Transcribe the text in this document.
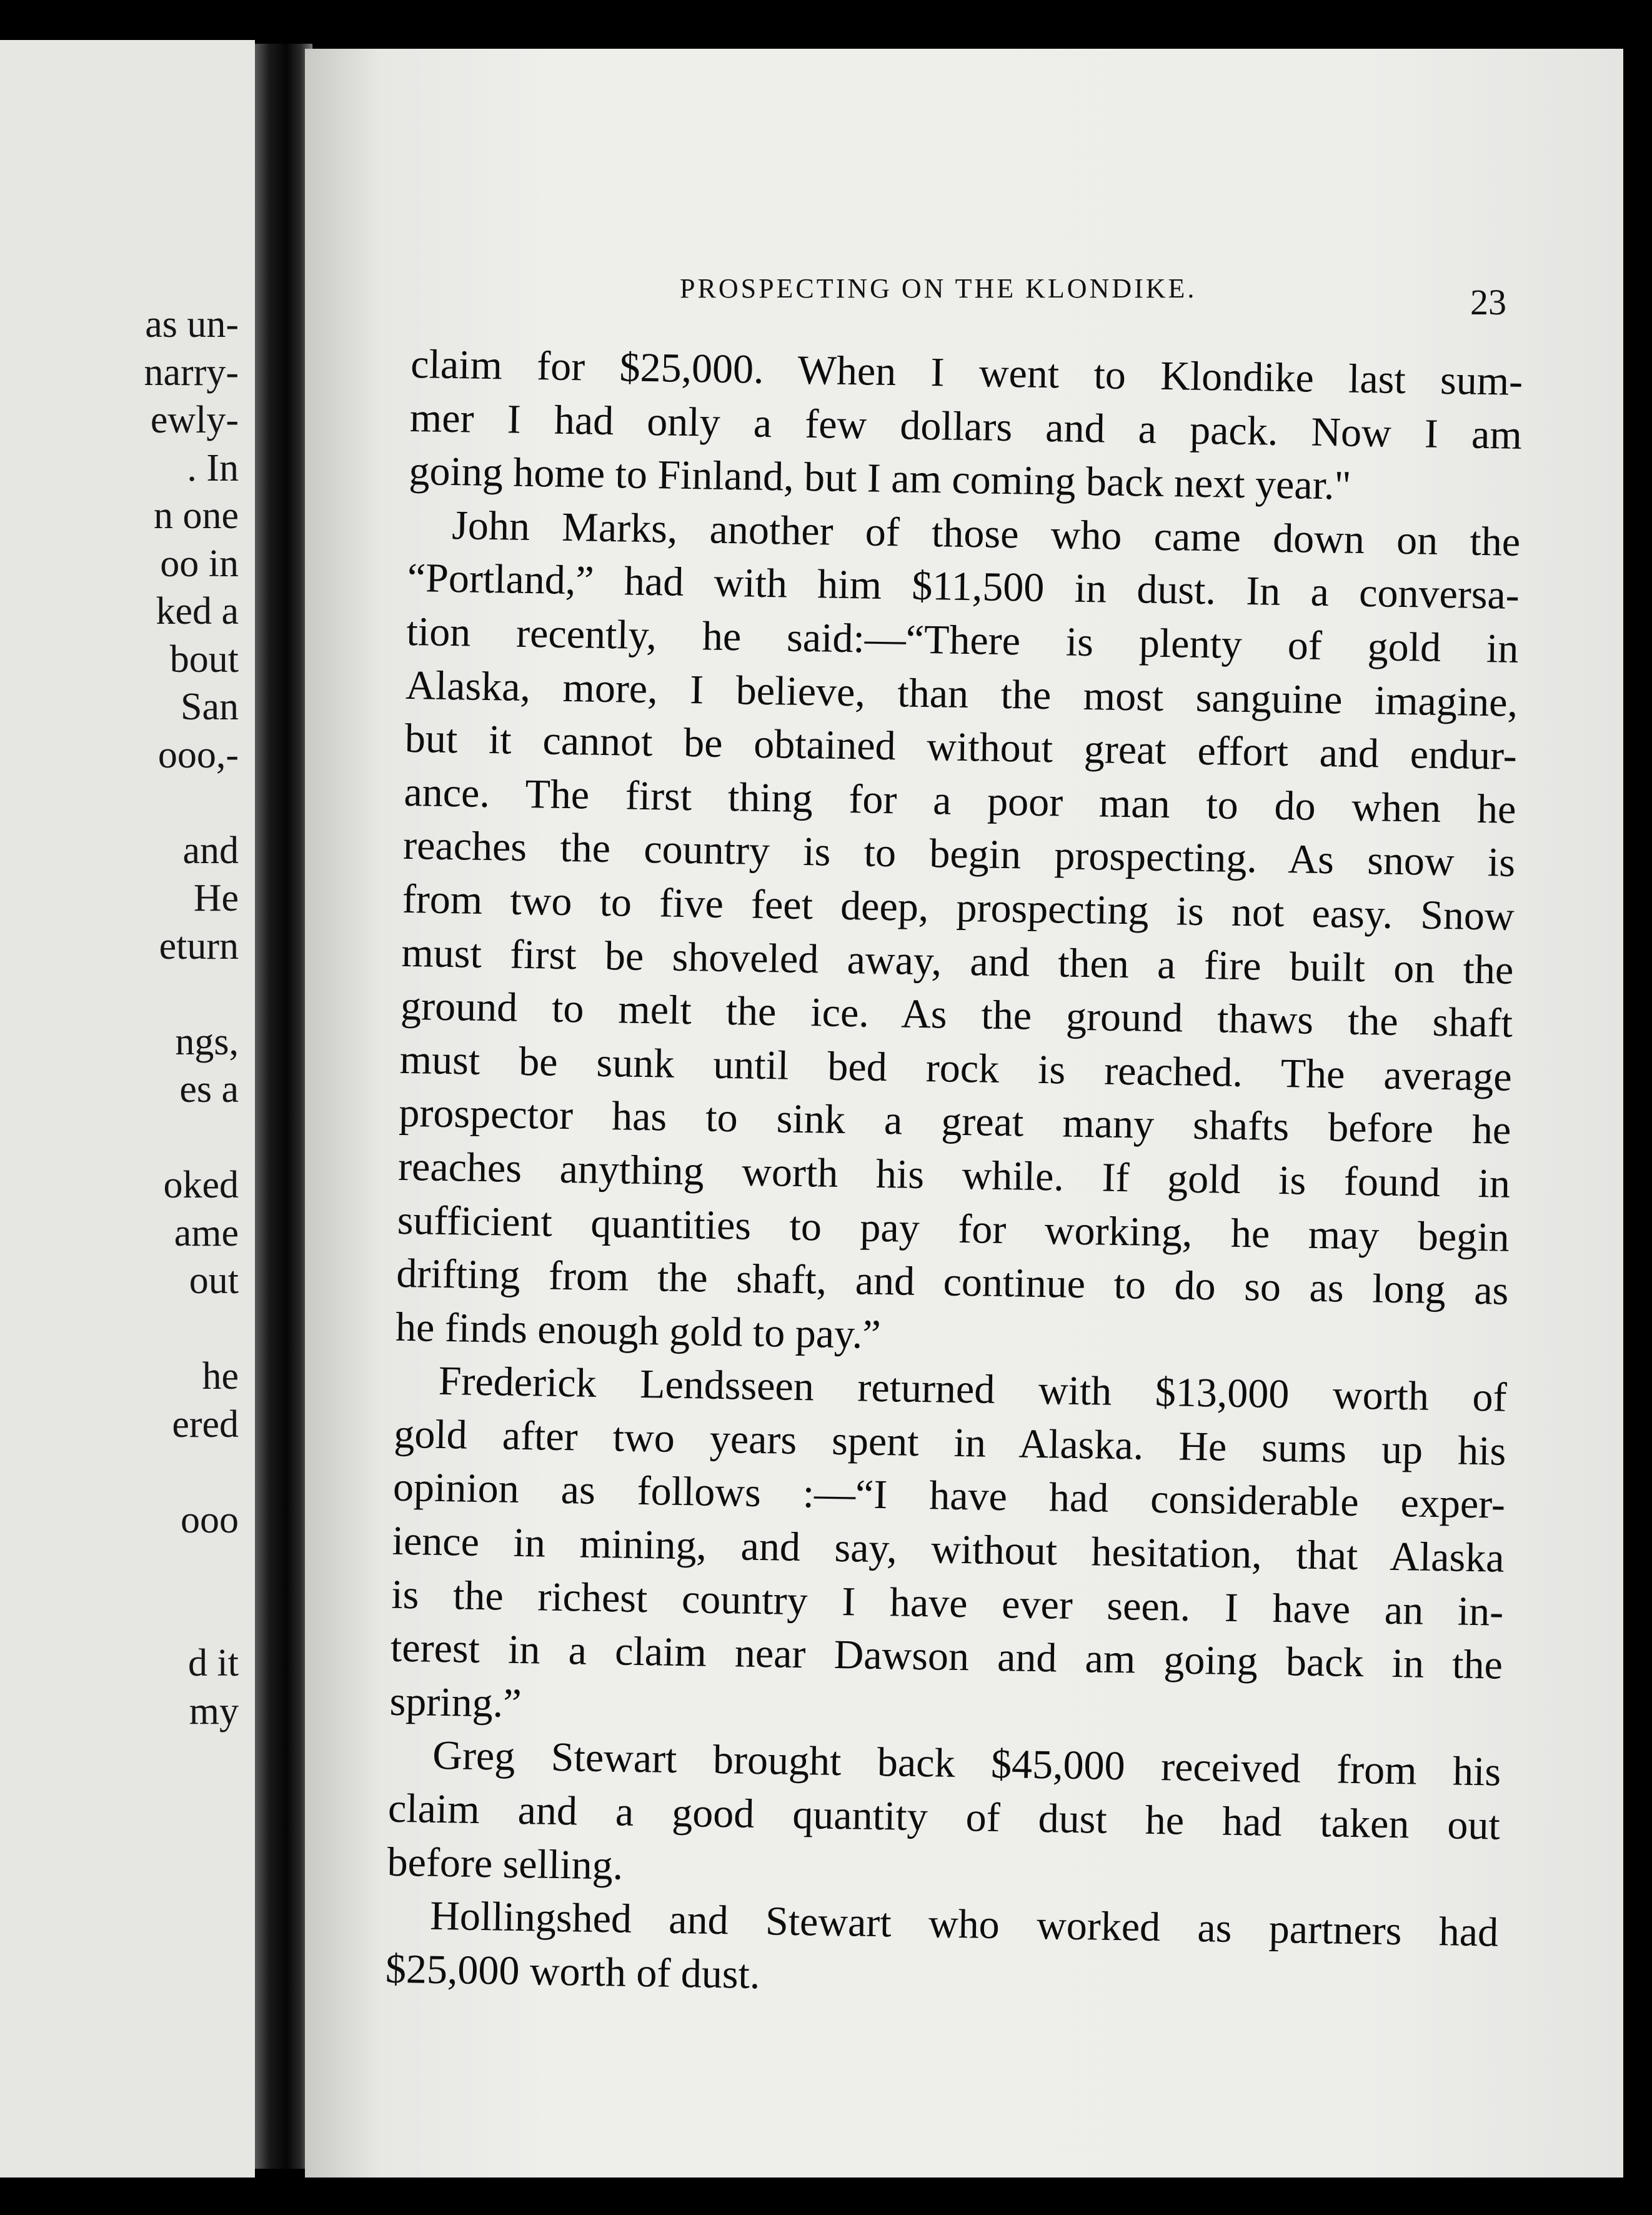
as un-
narry-
ewly-
. In
n one
oo in
ked a
bout
San
ooo,-
and
He
eturn
ngs,
es a
oked
ame
out
he
ered
ooo
d it
my
PROSPECTING ON THE KLONDIKE.	23
claim for $25,000. When I went to Klondike last sum-
mer I had only a few dollars and a pack. Now I am
going home to Finland, but I am coming back next year."
John Marks, another of those who came down on the
“Portland,” had with him $11,500 in dust. In a conversa-
tion recently, he said:—“There is plenty of gold in
Alaska, more, I believe, than the most sanguine imagine,
but it cannot be obtained without great effort and endur-
ance. The first thing for a poor man to do when he
reaches the country is to begin prospecting. As snow is
from two to five feet deep, prospecting is not easy. Snow
must first be shoveled away, and then a fire built on the
ground to melt the ice. As the ground thaws the shaft
must be sunk until bed rock is reached. The average
prospector has to sink a great many shafts before he
reaches anything worth his while. If gold is found in
sufficient quantities to pay for working, he may begin
drifting from the shaft, and continue to do so as long as
he finds enough gold to pay.”
Frederick Lendsseen returned with $13,000 worth of
gold after two years spent in Alaska. He sums up his
opinion as follows :—“I have had considerable exper-
ience in mining, and say, without hesitation, that Alaska
is the richest country I have ever seen. I have an in-
terest in a claim near Dawson and am going back in the
spring.”
Greg Stewart brought back $45,000 received from his
claim and a good quantity of dust he had taken out
before selling.
Hollingshed and Stewart who worked as partners had
$25,000 worth of dust.
